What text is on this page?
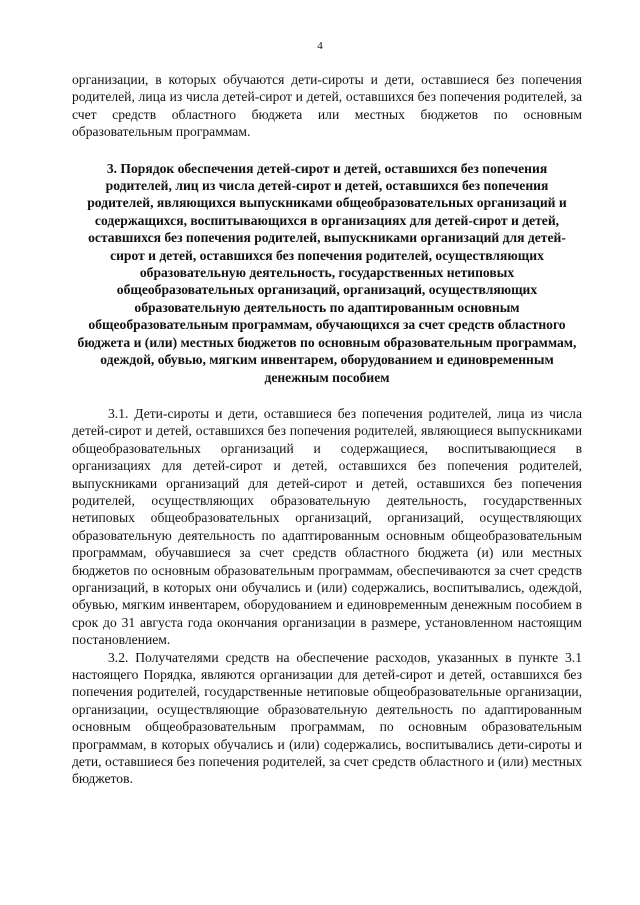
4

организации, в которых обучаются дети-сироты и дети, оставшиеся без попечения родителей, лица из числа детей-сирот и детей, оставшихся без попечения родителей, за счет средств областного бюджета или местных бюджетов по основным образовательным программам.

3. Порядок обеспечения детей-сирот и детей, оставшихся без попечения родителей, лиц из числа детей-сирот и детей, оставшихся без попечения родителей, являющихся выпускниками общеобразовательных организаций и содержащихся, воспитывающихся в организациях для детей-сирот и детей, оставшихся без попечения родителей, выпускниками организаций для детей-сирот и детей, оставшихся без попечения родителей, осуществляющих образовательную деятельность, государственных нетиповых общеобразовательных организаций, организаций, осуществляющих образовательную деятельность по адаптированным основным общеобразовательным программам, обучающихся за счет средств областного бюджета и (или) местных бюджетов по основным образовательным программам, одеждой, обувью, мягким инвентарем, оборудованием и единовременным денежным пособием

3.1. Дети-сироты и дети, оставшиеся без попечения родителей, лица из числа детей-сирот и детей, оставшихся без попечения родителей, являющиеся выпускниками общеобразовательных организаций и содержащиеся, воспитывающиеся в организациях для детей-сирот и детей, оставшихся без попечения родителей, выпускниками организаций для детей-сирот и детей, оставшихся без попечения родителей, осуществляющих образовательную деятельность, государственных нетиповых общеобразовательных организаций, организаций, осуществляющих образовательную деятельность по адаптированным основным общеобразовательным программам, обучавшиеся за счет средств областного бюджета (и) или местных бюджетов по основным образовательным программам, обеспечиваются за счет средств организаций, в которых они обучались и (или) содержались, воспитывались, одеждой, обувью, мягким инвентарем, оборудованием и единовременным денежным пособием в срок до 31 августа года окончания организации в размере, установленном настоящим постановлением.

3.2. Получателями средств на обеспечение расходов, указанных в пункте 3.1 настоящего Порядка, являются организации для детей-сирот и детей, оставшихся без попечения родителей, государственные нетиповые общеобразовательные организации, организации, осуществляющие образовательную деятельность по адаптированным основным общеобразовательным программам, по основным образовательным программам, в которых обучались и (или) содержались, воспитывались дети-сироты и дети, оставшиеся без попечения родителей, за счет средств областного и (или) местных бюджетов.
